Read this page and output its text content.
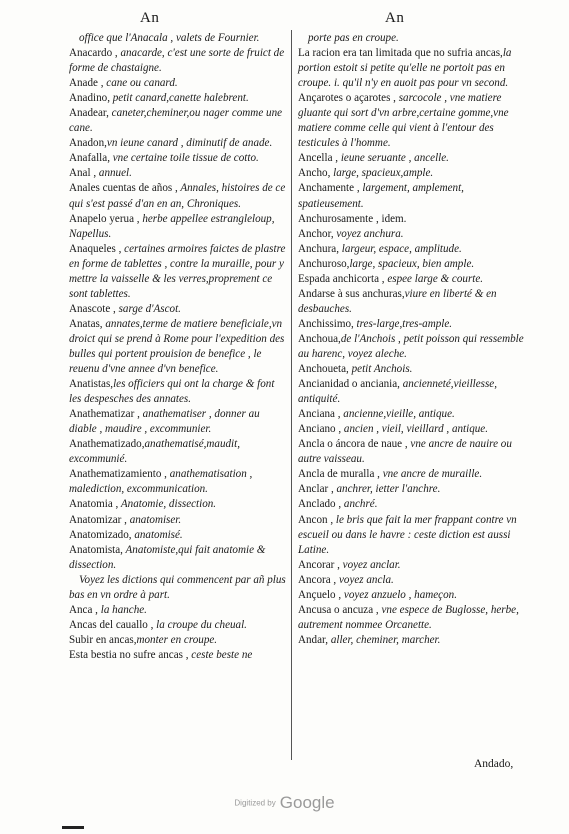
An	An

office que l'Anacala , valets de Fournier.

Anacardo , anacarde, c'est une sorte de fruict de forme de chastaigne.

Anade , cane ou canard.

Anadino, petit canard,canette halebrent.

Anadear, caneter,cheminer,ou nager comme une cane.

Anadon,vn ieune canard , diminutif de anade.

Anafalla, vne certaine toile tissue de cotto.

Anal , annuel.

Anales cuentas de años , Annales, histoires de ce qui s'est passé d'an en an, Chroniques.

Anapelo yerua , herbe appellee estrangleloup, Napellus.

Anaqueles , certaines armoires faictes de plastre en forme de tablettes , contre la muraille, pour y mettre la vaisselle & les verres,proprement ce sont tablettes.

Anascote , sarge d'Ascot.

Anatas, annates,terme de matiere beneficiale,vn droict qui se prend à Rome pour l'expedition des bulles qui portent prouision de benefice , le reuenu d'vne annee d'vn benefice.

Anatistas,les officiers qui ont la charge & font les despesches des annates.

Anathematizar , anathematiser , donner au diable , maudire , excommunier.

Anathematizado,anathematisé,maudit, excommunié.

Anathematizamiento , anathematisation , malediction, excommunication.

Anatomia , Anatomie, dissection.

Anatomizar , anatomiser.

Anatomizado, anatomisé.

Anatomista, Anatomiste,qui fait anatomie & dissection.

Voyez les dictions qui commencent par añ plus bas en vn ordre à part.

Anca , la hanche.

Ancas del cauallo , la croupe du cheual.

Subir en ancas,monter en croupe.

Esta bestia no sufre ancas , ceste beste ne

porte pas en croupe.

La racion era tan limitada que no sufria ancas,la portion estoit si petite qu'elle ne portoit pas en croupe. i. qu'il n'y en auoit pas pour vn second.

Ançarotes o açarotes , sarcocole , vne matiere gluante qui sort d'vn arbre,certaine gomme,vne matiere comme celle qui vient à l'entour des testicules à l'homme.

Ancella , ieune seruante , ancelle.

Ancho, large, spacieux,ample.

Anchamente , largement, amplement, spatieusement.

Anchurosamente , idem.

Anchor, voyez anchura.

Anchura, largeur, espace, amplitude.

Anchuroso,large, spacieux, bien ample.

Espada anchicorta , espee large & courte.

Andarse à sus anchuras,viure en liberté & en desbauches.

Anchissimo, tres-large,tres-ample.

Anchoua,de l'Anchois , petit poisson qui ressemble au harenc, voyez aleche.

Anchoueta, petit Anchois.

Ancianidad o anciania, ancienneté,vieillesse, antiquité.

Anciana , ancienne,vieille, antique.

Anciano , ancien , vieil, vieillard , antique.

Ancla o áncora de naue , vne ancre de nauire ou autre vaisseau.

Ancla de muralla , vne ancre de muraille.

Anclar , anchrer, ietter l'anchre.

Anclado , anchré.

Ancon , le bris que fait la mer frappant contre vn escueil ou dans le havre : ceste diction est aussi Latine.

Ancorar , voyez anclar.

Ancora , voyez ancla.

Ançuelo , voyez anzuelo , hameçon.

Ancusa o ancuza , vne espece de Buglosse, herbe, autrement nommee Orcanette.

Andar, aller, cheminer, marcher.

Andado,
Digitized by Google
